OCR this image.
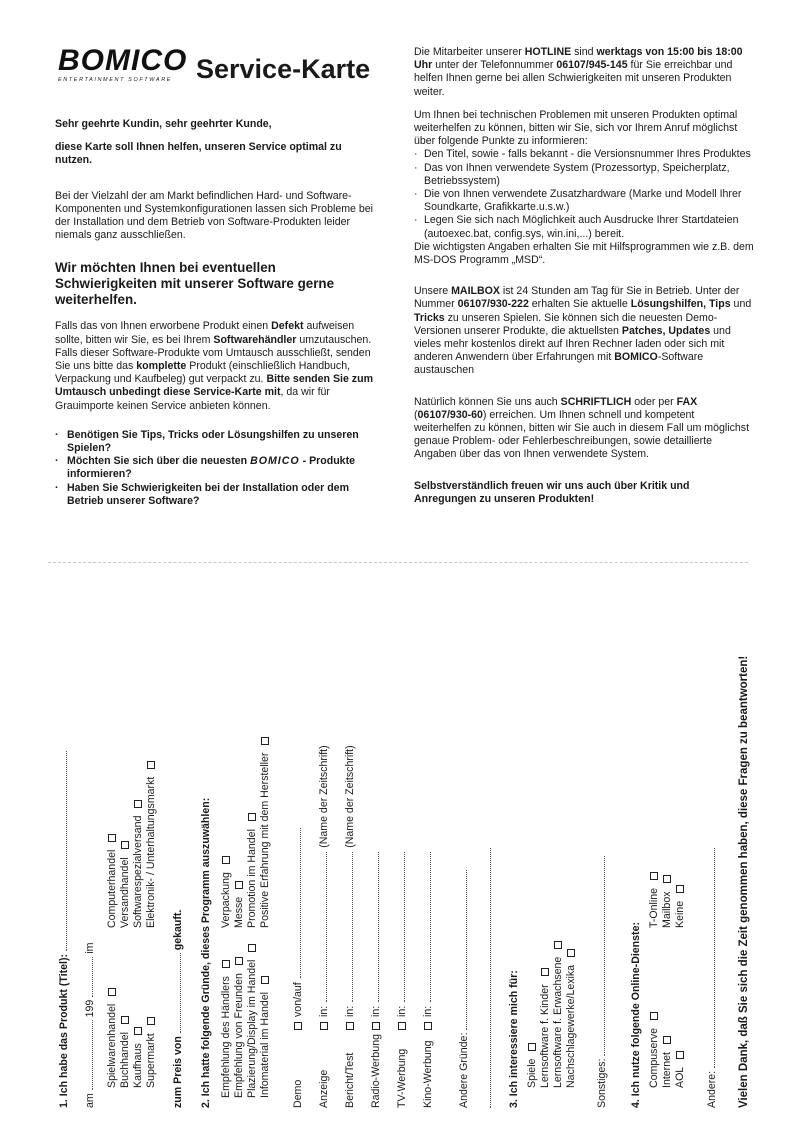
BOMICO
ENTERTAINMENT SOFTWARE Service-Karte

Sehr geehrte Kundin, sehr geehrter Kunde,

diese Karte soll Ihnen helfen, unseren Service optimal zu nutzen.

Bei der Vielzahl der am Markt befindlichen Hard- und Software-Komponenten und Systemkonfigurationen lassen sich Probleme bei der Installation und dem Betrieb von Software-Produkten leider niemals ganz ausschließen.

Wir möchten Ihnen bei eventuellen Schwierigkeiten mit unserer Software gerne weiterhelfen.

Falls das von Ihnen erworbene Produkt einen Defekt aufweisen sollte, bitten wir Sie, es bei Ihrem Softwarehändler umzutauschen. Falls dieser Software-Produkte vom Umtausch ausschließt, senden Sie uns bitte das komplette Produkt (einschließlich Handbuch, Verpackung und Kaufbeleg) gut verpackt zu. Bitte senden Sie zum Umtausch unbedingt diese Service-Karte mit, da wir für Grauimporte keinen Service anbieten können.

· Benötigen Sie Tips, Tricks oder Lösungshilfen zu unseren Spielen?
· Möchten Sie sich über die neuesten BOMICO - Produkte informieren?
· Haben Sie Schwierigkeiten bei der Installation oder dem Betrieb unserer Software?

Die Mitarbeiter unserer HOTLINE sind werktags von 15:00 bis 18:00 Uhr unter der Telefonnummer 06107/945-145 für Sie erreichbar und helfen Ihnen gerne bei allen Schwierigkeiten mit unseren Produkten weiter.

Um Ihnen bei technischen Problemen mit unseren Produkten optimal weiterhelfen zu können, bitten wir Sie, sich vor Ihrem Anruf möglichst über folgende Punkte zu informieren:

· Den Titel, sowie - falls bekannt - die Versionsnummer Ihres Produktes
· Das von Ihnen verwendete System (Prozessortyp, Speicherplatz, Betriebssystem)
· Die von Ihnen verwendete Zusatzhardware (Marke und Modell Ihrer Soundkarte, Grafikkarte.u.s.w.)
· Legen Sie sich nach Möglichkeit auch Ausdrucke Ihrer Startdateien (autoexec.bat, config.sys, win.ini,...) bereit.

Die wichtigsten Angaben erhalten Sie mit Hilfsprogrammen wie z.B. dem MS-DOS Programm „MSD“.

Unsere MAILBOX ist 24 Stunden am Tag für Sie in Betrieb. Unter der Nummer 06107/930-222 erhalten Sie aktuelle Lösungshilfen, Tips und Tricks zu unseren Spielen. Sie können sich die neuesten Demo-Versionen unserer Produkte, die aktuellsten Patches, Updates und vieles mehr kostenlos direkt auf Ihren Rechner laden oder sich mit anderen Anwendern über Erfahrungen mit BOMICO-Software austauschen

Natürlich können Sie uns auch SCHRIFTLICH oder per FAX (06107/930-60) erreichen. Um Ihnen schnell und kompetent weiterhelfen zu können, bitten wir Sie auch in diesem Fall um möglichst genaue Problem- oder Fehlerbeschreibungen, sowie detaillierte Angaben über das von Ihnen verwendete System.

Selbstverständlich freuen wir uns auch über Kritik und Anregungen zu unseren Produkten!

1. Ich habe das Produkt (Titel): am  199  im
Spielwarenhandel Buchhandel Kaufhaus Supermarkt
Computerhandel Versandhandel Softwarespezialversand Elektronik- / Unterhaltungsmarkt
zum Preis von  gekauft. 2. Ich hatte folgende Gründe, dieses Programm auszuwählen: Empfehlung des Händlers Empfehlung von Freunden Plazierung/Display im Handel Infomaterial im Handel
Verpackung Messe Promotion im Handel Positive Erfahrung mit dem Hersteller
Demovon/auf
Anzeigein:(Name der Zeitschrift)
Bericht/Testin:(Name der Zeitschrift)
Radio-Werbungin:
TV-Werbungin:
Kino-Werbungin:
Andere Gründe:	3. Ich interessiere mich für: Spiele Lernsoftware f. Kinder Lernsoftware f. Erwachsene Nachschlagewerke/Lexika Sonstiges: 4. Ich nutze folgende Online-Dienste: Compuserve Internet AOL
T-Online Mailbox Keine
Andere: Vielen Dank, daß Sie sich die Zeit genommen haben, diese Fragen zu beantworten!
